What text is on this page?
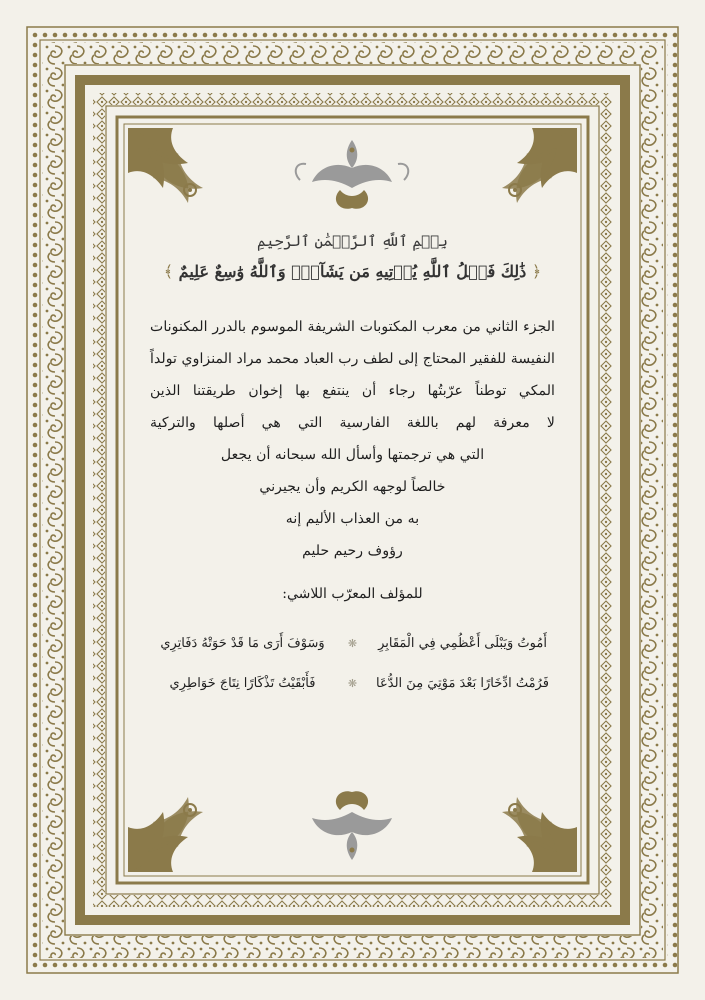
بِسۡمِ ٱللَّهِ ٱلرَّحۡمَٰنِ ٱلرَّحِيمِ
﴿ ذَٰلِكَ فَضۡلُ ٱللَّهِ يُؤۡتِيهِ مَن يَشَآءُۚ وَٱللَّهُ وَٰسِعٌ عَلِيمٌ ﴾
الجزء الثاني من معرب المكتوبات الشريفة الموسوم بالدرر المكنونات
النفيسة للفقير المحتاج إلى لطف رب العباد محمد مراد المنزاوي تولداً
المكي توطناً عرّبتُها رجاء أن ينتفع بها إخوان طريقتنا الذين
لا معرفة لهم باللغة الفارسية التي هي أصلها والتركية
التي هي ترجمتها وأسأل الله سبحانه أن يجعل
خالصاً لوجهه الكريم وأن يجيرني
به من العذاب الأليم إنه
رؤوف رحيم حليم
للمؤلف المعرّب اللاشي:
أَمُوتُ وَيَبْلَى أَعْظُمِي فِي الْمَقَابِرِ
❋
وَسَوْفَ أَرَى مَا قَدْ حَوَتْهُ دَفَاتِرِي
فَرُمْتُ ادِّخَارًا بَعْدَ مَوْتِيَ مِنَ الدُّعَا
❋
فَأَبْقَيْتُ تَذْكَارًا نِتَاجَ خَوَاطِرِي
